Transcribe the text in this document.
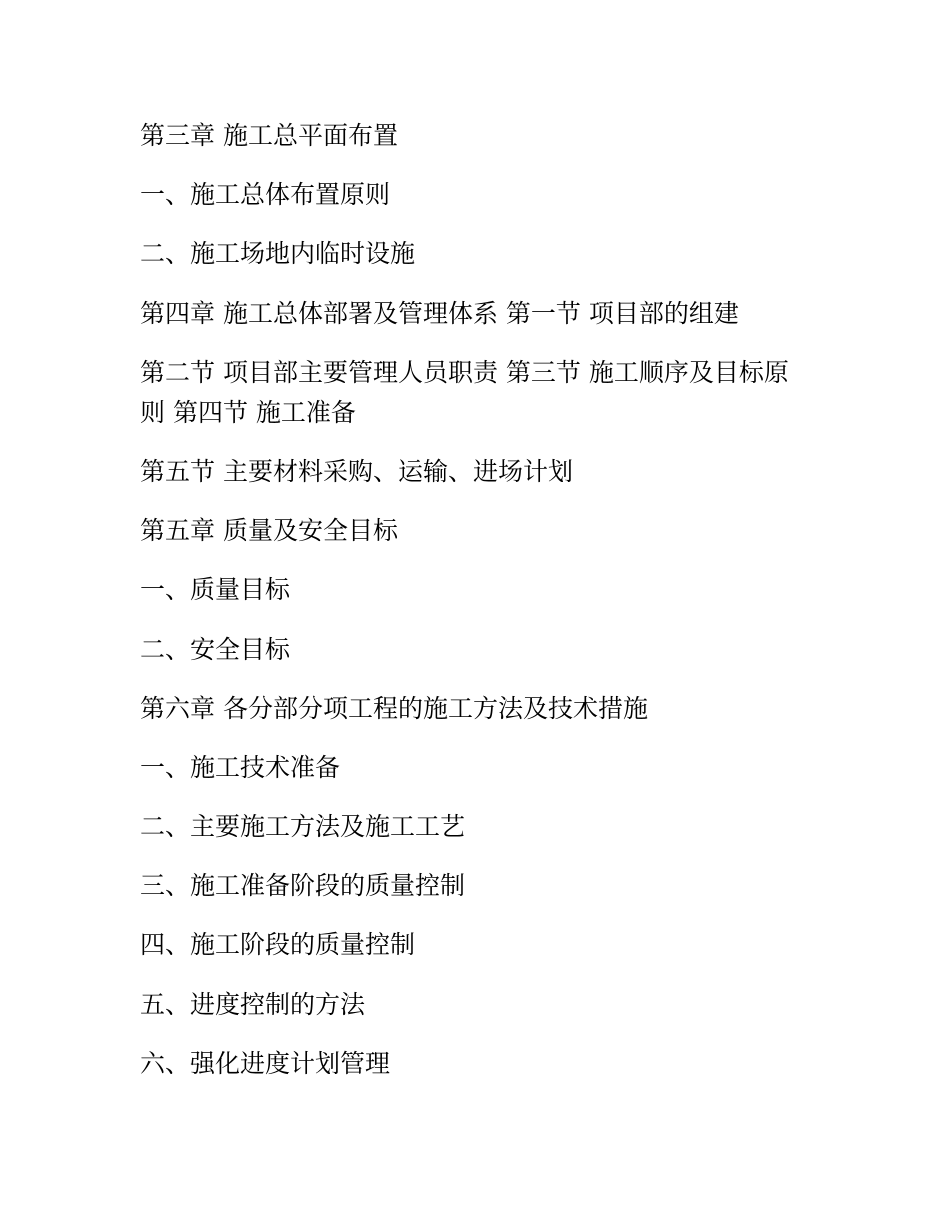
第三章 施工总平面布置
一、施工总体布置原则
二、施工场地内临时设施
第四章 施工总体部署及管理体系 第一节 项目部的组建
第二节 项目部主要管理人员职责 第三节 施工顺序及目标原则 第四节 施工准备
第五节 主要材料采购、运输、进场计划
第五章 质量及安全目标
一、质量目标
二、安全目标
第六章 各分部分项工程的施工方法及技术措施
一、施工技术准备
二、主要施工方法及施工工艺
三、施工准备阶段的质量控制
四、施工阶段的质量控制
五、进度控制的方法
六、强化进度计划管理
